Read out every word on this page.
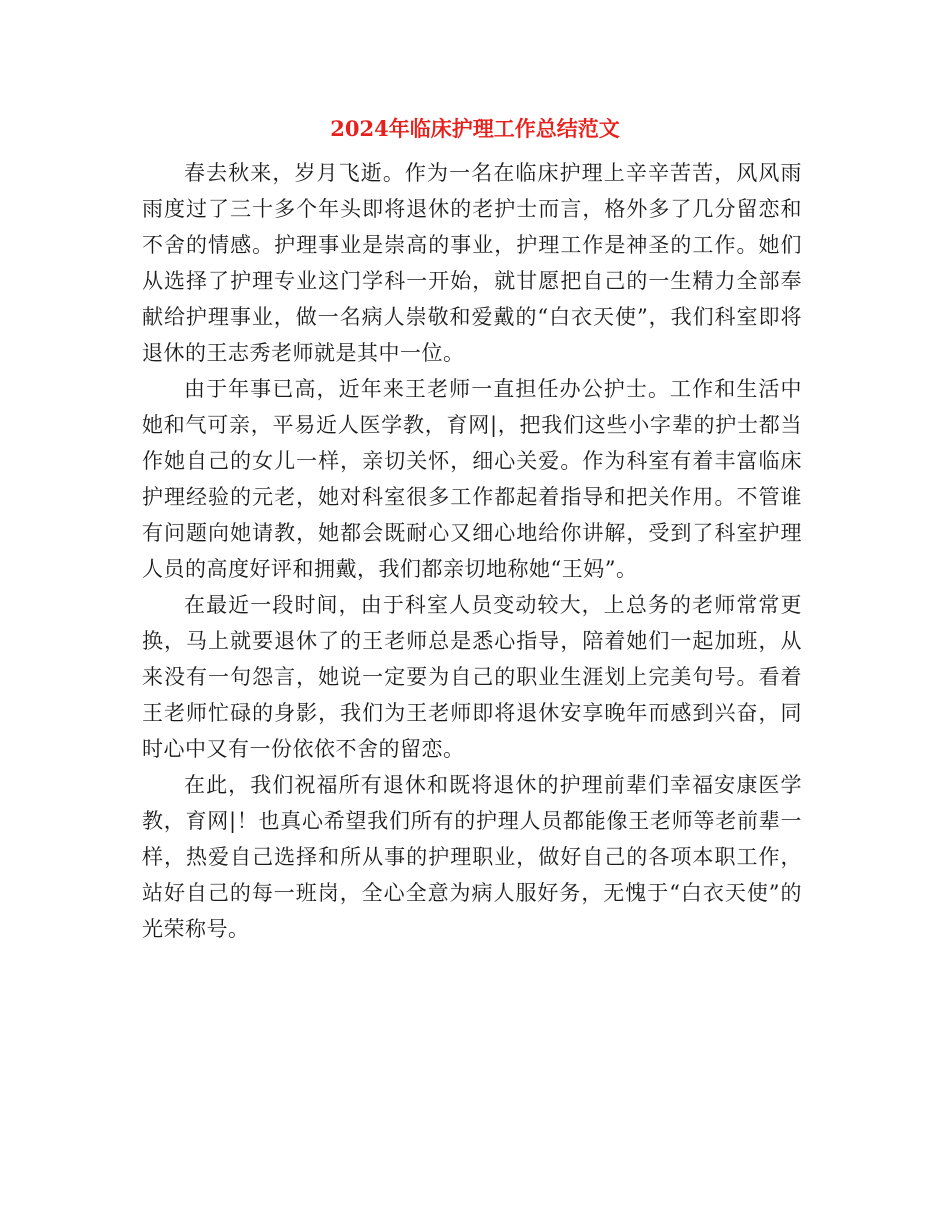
2024年临床护理工作总结范文

春去秋来，岁月飞逝。作为一名在临床护理上辛辛苦苦，风风雨雨度过了三十多个年头即将退休的老护士而言，格外多了几分留恋和不舍的情感。护理事业是崇高的事业，护理工作是神圣的工作。她们从选择了护理专业这门学科一开始，就甘愿把自己的一生精力全部奉献给护理事业，做一名病人崇敬和爱戴的“白衣天使”，我们科室即将退休的王志秀老师就是其中一位。

由于年事已高，近年来王老师一直担任办公护士。工作和生活中她和气可亲，平易近人医学教，育网|，把我们这些小字辈的护士都当作她自己的女儿一样，亲切关怀，细心关爱。作为科室有着丰富临床护理经验的元老，她对科室很多工作都起着指导和把关作用。不管谁有问题向她请教，她都会既耐心又细心地给你讲解，受到了科室护理人员的高度好评和拥戴，我们都亲切地称她“王妈”。

在最近一段时间，由于科室人员变动较大，上总务的老师常常更换，马上就要退休了的王老师总是悉心指导，陪着她们一起加班，从来没有一句怨言，她说一定要为自己的职业生涯划上完美句号。看着王老师忙碌的身影，我们为王老师即将退休安享晚年而感到兴奋，同时心中又有一份依依不舍的留恋。

在此，我们祝福所有退休和既将退休的护理前辈们幸福安康医学教，育网|！也真心希望我们所有的护理人员都能像王老师等老前辈一样，热爱自己选择和所从事的护理职业，做好自己的各项本职工作，站好自己的每一班岗，全心全意为病人服好务，无愧于“白衣天使”的光荣称号。
